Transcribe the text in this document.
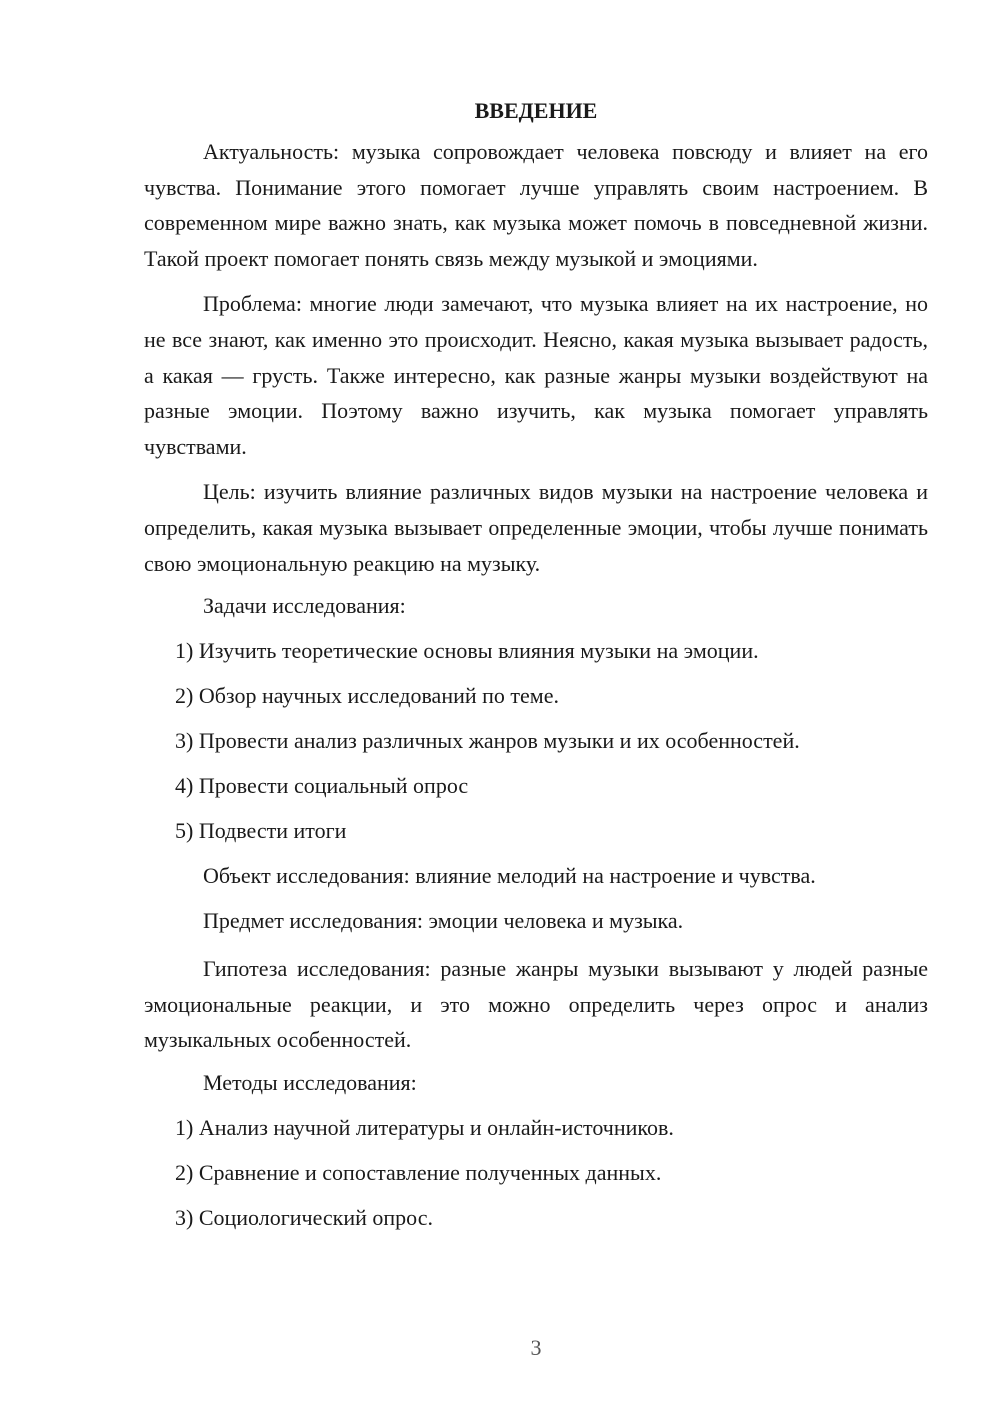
ВВЕДЕНИЕ
Актуальность: музыка сопровождает человека повсюду и влияет на его чувства. Понимание этого помогает лучше управлять своим настроением. В современном мире важно знать, как музыка может помочь в повседневной жизни. Такой проект помогает понять связь между музыкой и эмоциями.
Проблема: многие люди замечают, что музыка влияет на их настроение, но не все знают, как именно это происходит. Неясно, какая музыка вызывает радость, а какая — грусть. Также интересно, как разные жанры музыки воздействуют на разные эмоции. Поэтому важно изучить, как музыка помогает управлять чувствами.
Цель: изучить влияние различных видов музыки на настроение человека и определить, какая музыка вызывает определенные эмоции, чтобы лучше понимать свою эмоциональную реакцию на музыку.
Задачи исследования:
1) Изучить теоретические основы влияния музыки на эмоции.
2) Обзор научных исследований по теме.
3) Провести анализ различных жанров музыки и их особенностей.
4) Провести социальный опрос
5) Подвести итоги
Объект исследования: влияние мелодий на настроение и чувства.
Предмет исследования: эмоции человека и музыка.
Гипотеза исследования: разные жанры музыки вызывают у людей разные эмоциональные реакции, и это можно определить через опрос и анализ музыкальных особенностей.
Методы исследования:
1) Анализ научной литературы и онлайн-источников.
2) Сравнение и сопоставление полученных данных.
3) Социологический опрос.
3
